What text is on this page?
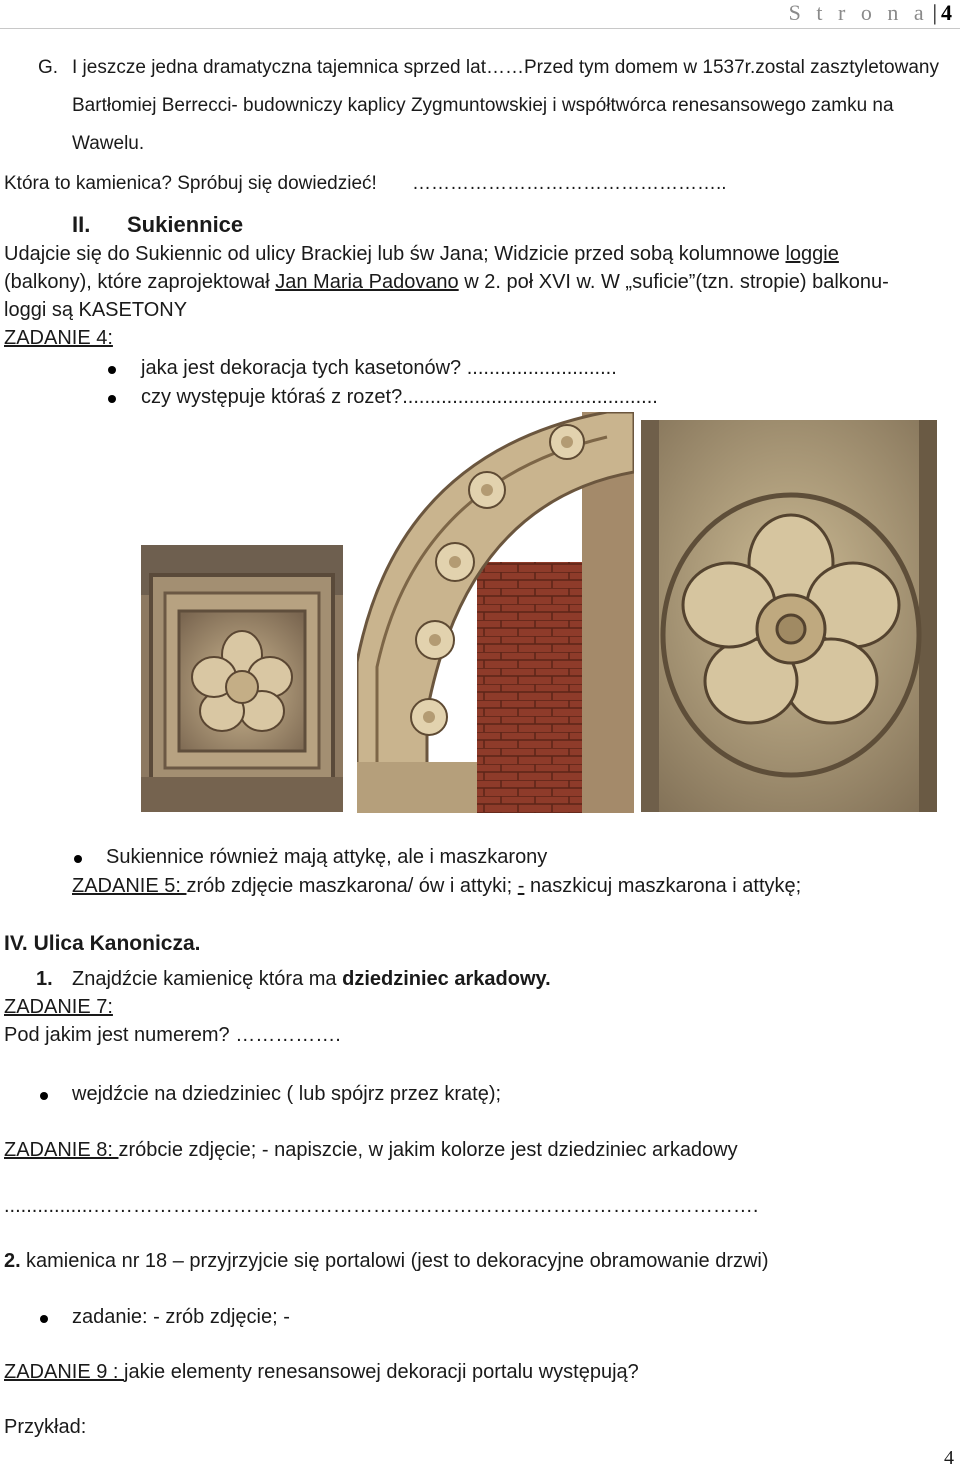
S t r o n a | 4
G. I jeszcze jedna dramatyczna tajemnica sprzed lat……Przed tym domem w 1537r.zostal zasztyletowany
Bartłomiej Berrecci- budowniczy kaplicy Zygmuntowskiej i współtwórca renesansowego zamku na
Wawelu.
Która to kamienica? Spróbuj się dowiedzieć! …………………………………………..
II. Sukiennice
Udajcie się do Sukiennic od ulicy Brackiej lub św Jana; Widzicie przed sobą kolumnowe loggie
(balkony), które zaprojektował Jan Maria Padovano w 2. poł XVI w. W „suficie”(tzn. stropie) balkonu-
loggi są KASETONY
ZADANIE 4:
jaka jest dekoracja tych kasetonów? ...........................
czy występuje któraś z rozet?..............................................
Sukiennice również mają attykę, ale i maszkarony
ZADANIE 5: zrób zdjęcie maszkarona/ ów i attyki; - naszkicuj maszkarona i attykę;
IV. Ulica Kanonicza.
1. Znajdźcie kamienicę która ma dziedziniec arkadowy.
ZADANIE 7:
Pod jakim jest numerem? …………….
wejdźcie na dziedziniec ( lub spójrz przez kratę);
ZADANIE 8: zróbcie zdjęcie; - napiszcie, w jakim kolorze jest dziedziniec arkadowy
................……………………………………………………………………………………….
2. kamienica nr 18 – przyjrzyjcie się portalowi (jest to dekoracyjne obramowanie drzwi)
zadanie: - zrób zdjęcie; -
ZADANIE 9 : jakie elementy renesansowej dekoracji portalu występują?
Przykład:
4
